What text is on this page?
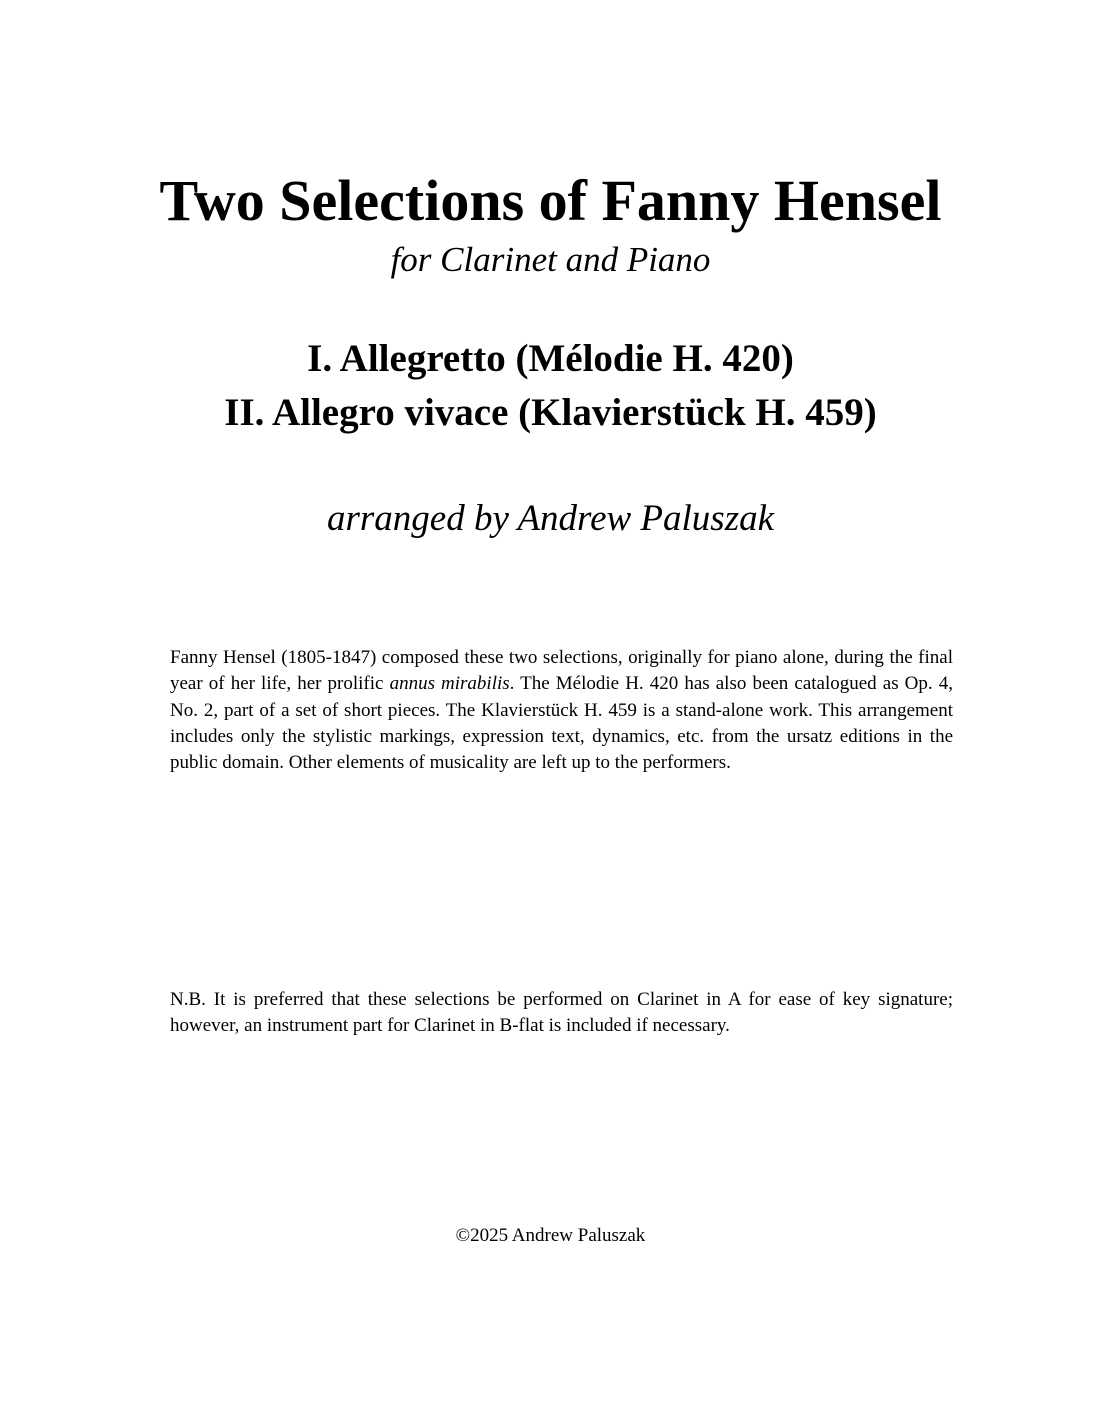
Two Selections of Fanny Hensel

for Clarinet and Piano

I. Allegretto (Mélodie H. 420)
II. Allegro vivace (Klavierstück H. 459)

arranged by Andrew Paluszak

Fanny Hensel (1805-1847) composed these two selections, originally for piano alone, during the final year of her life, her prolific annus mirabilis. The Mélodie H. 420 has also been catalogued as Op. 4, No. 2, part of a set of short pieces. The Klavierstück H. 459 is a stand-alone work. This arrangement includes only the stylistic markings, expression text, dynamics, etc. from the ursatz editions in the public domain. Other elements of musicality are left up to the performers.

N.B. It is preferred that these selections be performed on Clarinet in A for ease of key signature; however, an instrument part for Clarinet in B-flat is included if necessary.

©2025 Andrew Paluszak
